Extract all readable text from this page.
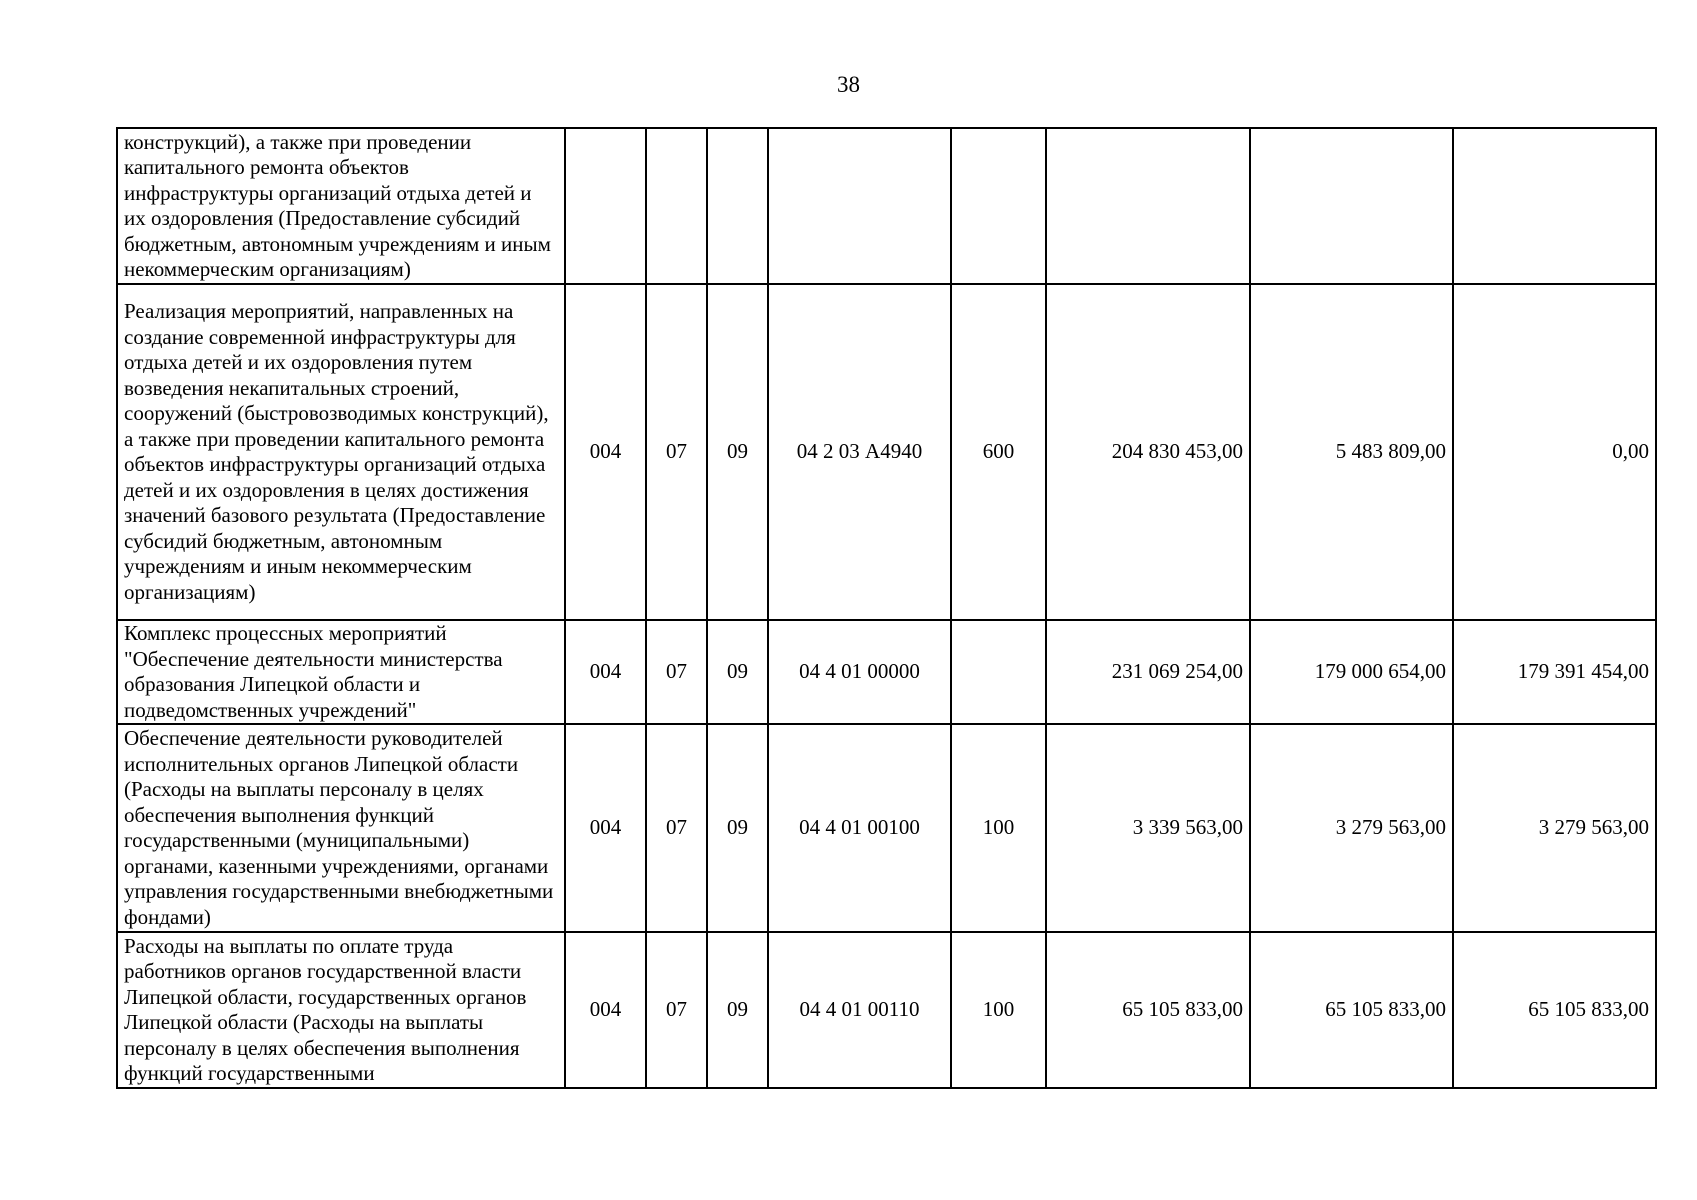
38
конструкций), а также при проведении капитального ремонта объектов инфраструктуры организаций отдыха детей и их оздоровления (Предоставление субсидий бюджетным, автономным учреждениям и иным некоммерческим организациям)								
Реализация мероприятий, направленных на создание современной инфраструктуры для отдыха детей и их оздоровления путем возведения некапитальных строений, сооружений (быстровозводимых конструкций), а также при проведении капитального ремонта объектов инфраструктуры организаций отдыха детей и их оздоровления в целях достижения значений базового результата (Предоставление субсидий бюджетным, автономным учреждениям и иным некоммерческим организациям)	004	07	09	04 2 03 А4940	600	204 830 453,00	5 483 809,00	0,00
Комплекс процессных мероприятий "Обеспечение деятельности министерства образования Липецкой области и подведомственных учреждений"	004	07	09	04 4 01 00000		231 069 254,00	179 000 654,00	179 391 454,00
Обеспечение деятельности руководителей исполнительных органов Липецкой области (Расходы на выплаты персоналу в целях обеспечения выполнения функций государственными (муниципальными) органами, казенными учреждениями, органами управления государственными внебюджетными фондами)	004	07	09	04 4 01 00100	100	3 339 563,00	3 279 563,00	3 279 563,00
Расходы на выплаты по оплате труда работников органов государственной власти Липецкой области, государственных органов Липецкой области (Расходы на выплаты персоналу в целях обеспечения выполнения функций государственными	004	07	09	04 4 01 00110	100	65 105 833,00	65 105 833,00	65 105 833,00
